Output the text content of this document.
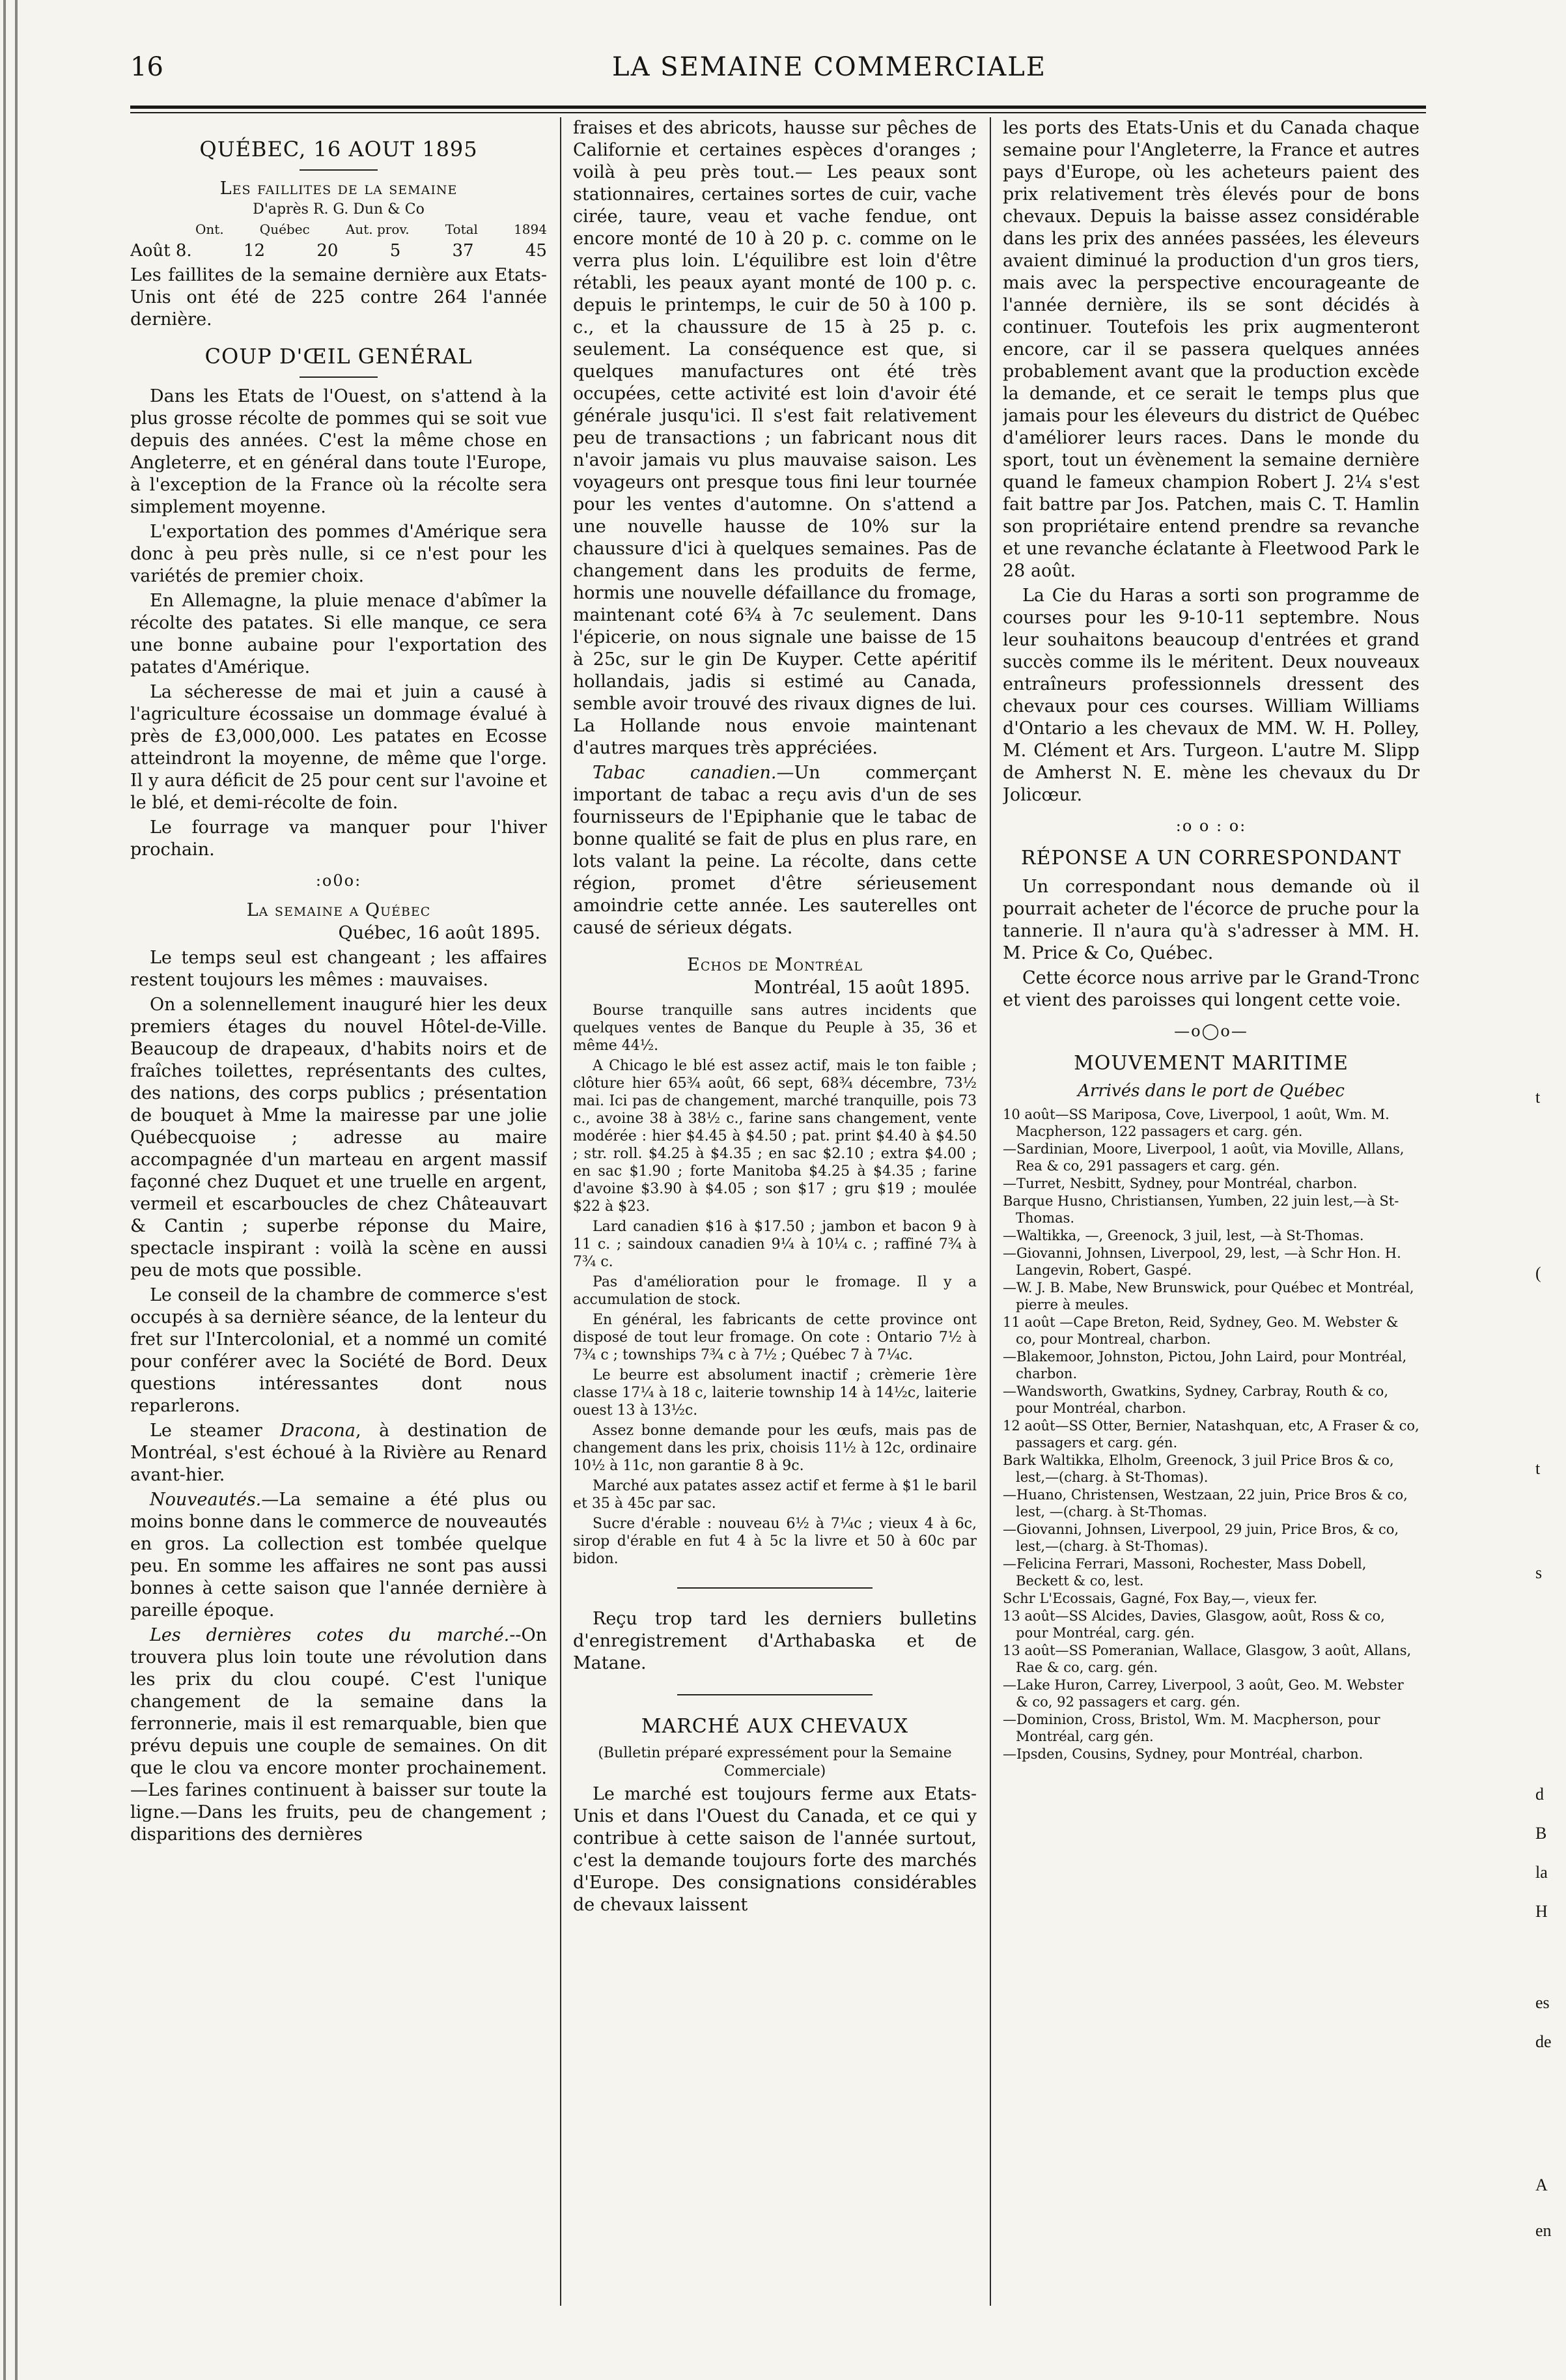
16	LA SEMAINE COMMERCIALE
QUÉBEC, 16 AOUT 1895
Les faillites de la semaine
D'après R. G. Dun & Co
Ont.	Québec	Aut. prov.	Total	1894
Août 8.	12	20	5	37	45

Les faillites de la semaine dernière aux Etats-Unis ont été de 225 contre 264 l'année dernière.

COUP D'ŒIL GENÉRAL

Dans les Etats de l'Ouest, on s'attend à la plus grosse récolte de pommes qui se soit vue depuis des années. C'est la même chose en Angleterre, et en général dans toute l'Europe, à l'exception de la France où la récolte sera simplement moyenne.

L'exportation des pommes d'Amérique sera donc à peu près nulle, si ce n'est pour les variétés de premier choix.

En Allemagne, la pluie menace d'abîmer la récolte des patates. Si elle manque, ce sera une bonne aubaine pour l'exportation des patates d'Amérique.

La sécheresse de mai et juin a causé à l'agriculture écossaise un dommage évalué à près de £3,000,000. Les patates en Ecosse atteindront la moyenne, de même que l'orge. Il y aura déficit de 25 pour cent sur l'avoine et le blé, et demi-récolte de foin.

Le fourrage va manquer pour l'hiver prochain.

:o0o:
La semaine a Québec
Québec, 16 août 1895.

Le temps seul est changeant ; les affaires restent toujours les mêmes : mauvaises.

On a solennellement inauguré hier les deux premiers étages du nouvel Hôtel-de-Ville. Beaucoup de drapeaux, d'habits noirs et de fraîches toilettes, représentants des cultes, des nations, des corps publics ; présentation de bouquet à Mme la mairesse par une jolie Québecquoise ; adresse au maire accompagnée d'un marteau en argent massif façonné chez Duquet et une truelle en argent, vermeil et escarboucles de chez Châteauvart & Cantin ; superbe réponse du Maire, spectacle inspirant : voilà la scène en aussi peu de mots que possible.

Le conseil de la chambre de commerce s'est occupés à sa dernière séance, de la lenteur du fret sur l'Intercolonial, et a nommé un comité pour conférer avec la Société de Bord. Deux questions intéressantes dont nous reparlerons.

Le steamer Dracona, à destination de Montréal, s'est échoué à la Rivière au Renard avant-hier.

Nouveautés.—La semaine a été plus ou moins bonne dans le commerce de nouveautés en gros. La collection est tombée quelque peu. En somme les affaires ne sont pas aussi bonnes à cette saison que l'année dernière à pareille époque.

Les dernières cotes du marché.--On trouvera plus loin toute une révolution dans les prix du clou coupé. C'est l'unique changement de la semaine dans la ferronnerie, mais il est remarquable, bien que prévu depuis une couple de semaines. On dit que le clou va encore monter prochainement.—Les farines continuent à baisser sur toute la ligne.—Dans les fruits, peu de changement ; disparitions des dernières

fraises et des abricots, hausse sur pêches de Californie et certaines espèces d'oranges ; voilà à peu près tout.— Les peaux sont stationnaires, certaines sortes de cuir, vache cirée, taure, veau et vache fendue, ont encore monté de 10 à 20 p. c. comme on le verra plus loin. L'équilibre est loin d'être rétabli, les peaux ayant monté de 100 p. c. depuis le printemps, le cuir de 50 à 100 p. c., et la chaussure de 15 à 25 p. c. seulement. La conséquence est que, si quelques manufactures ont été très occupées, cette activité est loin d'avoir été générale jusqu'ici. Il s'est fait relativement peu de transactions ; un fabricant nous dit n'avoir jamais vu plus mauvaise saison. Les voyageurs ont presque tous fini leur tournée pour les ventes d'automne. On s'attend a une nouvelle hausse de 10% sur la chaussure d'ici à quelques semaines. Pas de changement dans les produits de ferme, hormis une nouvelle défaillance du fromage, maintenant coté 6¾ à 7c seulement. Dans l'épicerie, on nous signale une baisse de 15 à 25c, sur le gin De Kuyper. Cette apéritif hollandais, jadis si estimé au Canada, semble avoir trouvé des rivaux dignes de lui. La Hollande nous envoie maintenant d'autres marques très appréciées.

Tabac canadien.—Un commerçant important de tabac a reçu avis d'un de ses fournisseurs de l'Epiphanie que le tabac de bonne qualité se fait de plus en plus rare, en lots valant la peine. La récolte, dans cette région, promet d'être sérieusement amoindrie cette année. Les sauterelles ont causé de sérieux dégats.

Echos de Montréal
Montréal, 15 août 1895.

Bourse tranquille sans autres incidents que quelques ventes de Banque du Peuple à 35, 36 et même 44½.

A Chicago le blé est assez actif, mais le ton faible ; clôture hier 65¾ août, 66 sept, 68¾ décembre, 73½ mai. Ici pas de changement, marché tranquille, pois 73 c., avoine 38 à 38½ c., farine sans changement, vente modérée : hier $4.45 à $4.50 ; pat. print $4.40 à $4.50 ; str. roll. $4.25 à $4.35 ; en sac $2.10 ; extra $4.00 ; en sac $1.90 ; forte Manitoba $4.25 à $4.35 ; farine d'avoine $3.90 à $4.05 ; son $17 ; gru $19 ; moulée $22 à $23.

Lard canadien $16 à $17.50 ; jambon et bacon 9 à 11 c. ; saindoux canadien 9¼ à 10¼ c. ; raffiné 7¾ à 7¾ c.

Pas d'amélioration pour le fromage. Il y a accumulation de stock.

En général, les fabricants de cette province ont disposé de tout leur fromage. On cote : Ontario 7½ à 7¾ c ; townships 7¾ c à 7½ ; Québec 7 à 7¼c.

Le beurre est absolument inactif ; crèmerie 1ère classe 17¼ à 18 c, laiterie township 14 à 14½c, laiterie ouest 13 à 13½c.

Assez bonne demande pour les œufs, mais pas de changement dans les prix, choisis 11½ à 12c, ordinaire 10½ à 11c, non garantie 8 à 9c.

Marché aux patates assez actif et ferme à $1 le baril et 35 à 45c par sac.

Sucre d'érable : nouveau 6½ à 7¼c ; vieux 4 à 6c, sirop d'érable en fut 4 à 5c la livre et 50 à 60c par bidon.

Reçu trop tard les derniers bulletins d'enregistrement d'Arthabaska et de Matane.

MARCHÉ AUX CHEVAUX

(Bulletin préparé expressément pour la Semaine Commerciale)

Le marché est toujours ferme aux Etats-Unis et dans l'Ouest du Canada, et ce qui y contribue à cette saison de l'année surtout, c'est la demande toujours forte des marchés d'Europe. Des consignations considérables de chevaux laissent

les ports des Etats-Unis et du Canada chaque semaine pour l'Angleterre, la France et autres pays d'Europe, où les acheteurs paient des prix relativement très élevés pour de bons chevaux. Depuis la baisse assez considérable dans les prix des années passées, les éleveurs avaient diminué la production d'un gros tiers, mais avec la perspective encourageante de l'année dernière, ils se sont décidés à continuer. Toutefois les prix augmenteront encore, car il se passera quelques années probablement avant que la production excède la demande, et ce serait le temps plus que jamais pour les éleveurs du district de Québec d'améliorer leurs races. Dans le monde du sport, tout un évènement la semaine dernière quand le fameux champion Robert J. 2¼ s'est fait battre par Jos. Patchen, mais C. T. Hamlin son propriétaire entend prendre sa revanche et une revanche éclatante à Fleetwood Park le 28 août.

La Cie du Haras a sorti son programme de courses pour les 9-10-11 septembre. Nous leur souhaitons beaucoup d'entrées et grand succès comme ils le méritent. Deux nouveaux entraîneurs professionnels dressent des chevaux pour ces courses. William Williams d'Ontario a les chevaux de MM. W. H. Polley, M. Clément et Ars. Turgeon. L'autre M. Slipp de Amherst N. E. mène les chevaux du Dr Jolicœur.

:o o : o:
RÉPONSE A UN CORRESPONDANT

Un correspondant nous demande où il pourrait acheter de l'écorce de pruche pour la tannerie. Il n'aura qu'à s'adresser à MM. H. M. Price & Co, Québec.

Cette écorce nous arrive par le Grand-Tronc et vient des paroisses qui longent cette voie.

—o◯o—
MOUVEMENT MARITIME
Arrivés dans le port de Québec

10 août—SS Mariposa, Cove, Liverpool, 1 août, Wm. M. Macpherson, 122 passagers et carg. gén.

—Sardinian, Moore, Liverpool, 1 août, via Moville, Allans, Rea & co, 291 passagers et carg. gén.

—Turret, Nesbitt, Sydney, pour Montréal, charbon.

Barque Husno, Christiansen, Yumben, 22 juin lest,—à St-Thomas.

—Waltikka, —, Greenock, 3 juil, lest, —à St-Thomas.

—Giovanni, Johnsen, Liverpool, 29, lest, —à Schr Hon. H. Langevin, Robert, Gaspé.

—W. J. B. Mabe, New Brunswick, pour Québec et Montréal, pierre à meules.

11 août —Cape Breton, Reid, Sydney, Geo. M. Webster & co, pour Montreal, charbon.

—Blakemoor, Johnston, Pictou, John Laird, pour Montréal, charbon.

—Wandsworth, Gwatkins, Sydney, Carbray, Routh & co, pour Montréal, charbon.

12 août—SS Otter, Bernier, Natashquan, etc, A Fraser & co, passagers et carg. gén.

Bark Waltikka, Elholm, Greenock, 3 juil Price Bros & co, lest,—(charg. à St-Thomas).

—Huano, Christensen, Westzaan, 22 juin, Price Bros & co, lest, —(charg. à St-Thomas.

—Giovanni, Johnsen, Liverpool, 29 juin, Price Bros, & co, lest,—(charg. à St-Thomas).

—Felicina Ferrari, Massoni, Rochester, Mass Dobell, Beckett & co, lest.

Schr L'Ecossais, Gagné, Fox Bay,—, vieux fer.

13 août—SS Alcides, Davies, Glasgow, août, Ross & co, pour Montréal, carg. gén.

13 août—SS Pomeranian, Wallace, Glasgow, 3 août, Allans, Rae & co, carg. gén.

—Lake Huron, Carrey, Liverpool, 3 août, Geo. M. Webster & co, 92 passagers et carg. gén.

—Dominion, Cross, Bristol, Wm. M. Macpherson, pour Montréal, carg gén.

—Ipsden, Cousins, Sydney, pour Montréal, charbon.

t
(
t
s
d
B
la
H
es
de
A
en
